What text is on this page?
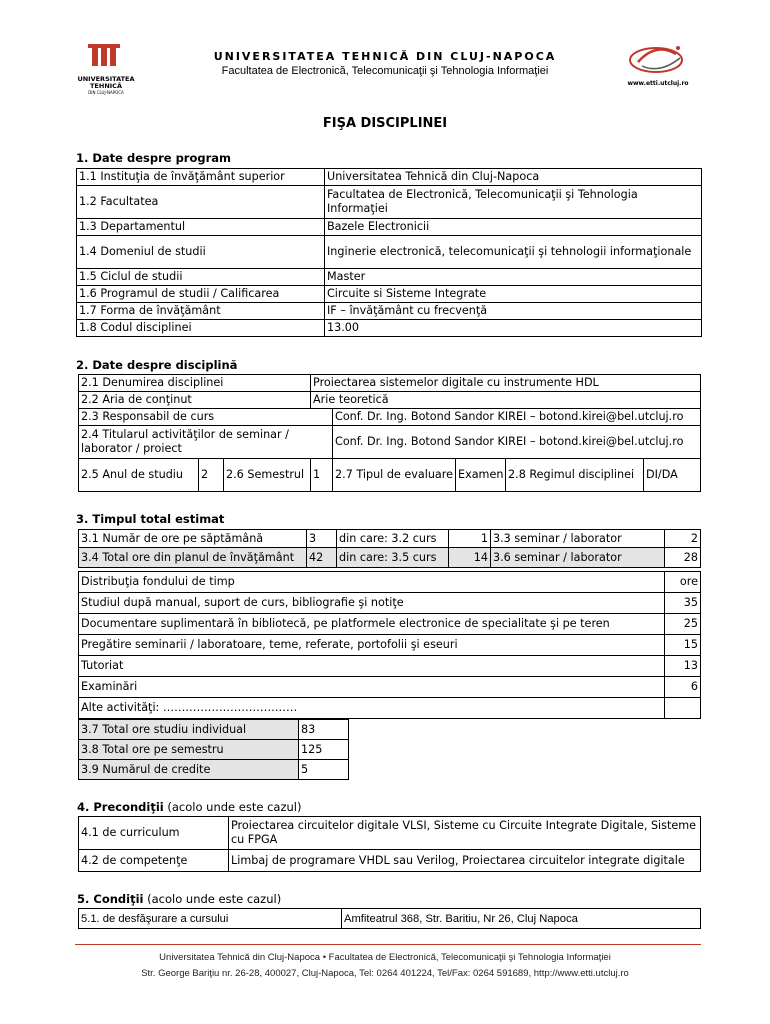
UNIVERSITATEA
TEHNICĂ
DIN CLUJ-NAPOCA
UNIVERSITATEA TEHNICĂ DIN CLUJ-NAPOCA
Facultatea de Electronică, Telecomunicaţii şi Tehnologia Informaţiei
www.etti.utcluj.ro
FIŞA DISCIPLINEI
1. Date despre program
1.1 Instituţia de învăţământ superior	Universitatea Tehnică din Cluj-Napoca
1.2 Facultatea	Facultatea de Electronică, Telecomunicaţii şi Tehnologia Informaţiei
1.3 Departamentul	Bazele Electronicii
1.4 Domeniul de studii	Inginerie electronică, telecomunicaţii şi tehnologii informaţionale
1.5 Ciclul de studii	Master
1.6 Programul de studii / Calificarea	Circuite si Sisteme Integrate
1.7 Forma de învăţământ	IF – învăţământ cu frecvenţă
1.8 Codul disciplinei	13.00
2. Date despre disciplină
2.1 Denumirea disciplinei			Proiectarea sistemelor digitale cu instrumente HDL				
2.2 Aria de conţinut			Arie teoretică				
2.3 Responsabil de curs				Conf. Dr. Ing. Botond Sandor KIREI – botond.kirei@bel.utcluj.ro			
2.4 Titularul activităţilor de seminar / laborator / proiect				Conf. Dr. Ing. Botond Sandor KIREI – botond.kirei@bel.utcluj.ro			
2.5 Anul de studiu	2	2.6 Semestrul	1	2.7 Tipul de evaluare	Examen	2.8 Regimul disciplinei	DI/DA
3. Timpul total estimat
3.1 Număr de ore pe săptămână	3	din care: 3.2 curs	1	3.3 seminar / laborator	2
3.4 Total ore din planul de învăţământ	42	din care: 3.5 curs	14	3.6 seminar / laborator	28
Distribuţia fondului de timp	ore
Studiul după manual, suport de curs, bibliografie şi notiţe	35
Documentare suplimentară în bibliotecă, pe platformele electronice de specialitate şi pe teren	25
Pregătire seminarii / laboratoare, teme, referate, portofolii şi eseuri	15
Tutoriat	13
Examinări	6
Alte activităţi: ………………………………	
3.7 Total ore studiu individual	83
3.8 Total ore pe semestru	125
3.9 Numărul de credite	5
4. Precondiţii (acolo unde este cazul)
4.1 de curriculum	Proiectarea circuitelor digitale VLSI, Sisteme cu Circuite Integrate Digitale, Sisteme cu FPGA
4.2 de competenţe	Limbaj de programare VHDL sau Verilog, Proiectarea circuitelor integrate digitale
5. Condiţii (acolo unde este cazul)
5.1. de desfăşurare a cursului	Amfiteatrul 368, Str. Baritiu, Nr 26, Cluj Napoca
Universitatea Tehnică din Cluj-Napoca • Facultatea de Electronică, Telecomunicaţii şi Tehnologia Informaţiei
Str. George Bariţiu nr. 26-28, 400027, Cluj-Napoca, Tel: 0264 401224, Tel/Fax: 0264 591689, http://www.etti.utcluj.ro
